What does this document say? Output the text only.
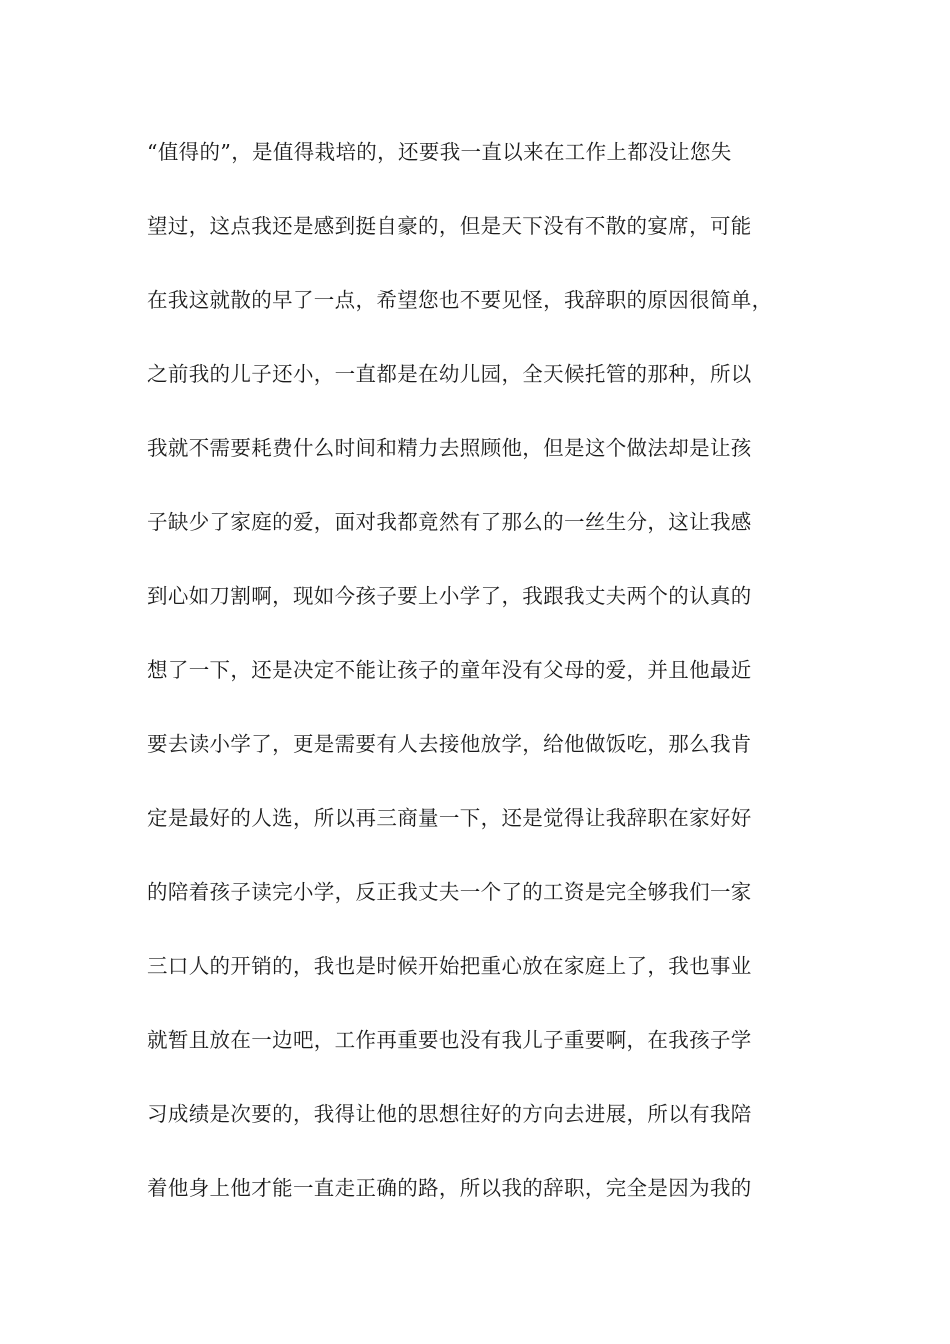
“值得的”，是值得栽培的，还要我一直以来在工作上都没让您失
望过，这点我还是感到挺自豪的，但是天下没有不散的宴席，可能
在我这就散的早了一点，希望您也不要见怪，我辞职的原因很简单，
之前我的儿子还小，一直都是在幼儿园，全天候托管的那种，所以
我就不需要耗费什么时间和精力去照顾他，但是这个做法却是让孩
子缺少了家庭的爱，面对我都竟然有了那么的一丝生分，这让我感
到心如刀割啊，现如今孩子要上小学了，我跟我丈夫两个的认真的
想了一下，还是决定不能让孩子的童年没有父母的爱，并且他最近
要去读小学了，更是需要有人去接他放学，给他做饭吃，那么我肯
定是最好的人选，所以再三商量一下，还是觉得让我辞职在家好好
的陪着孩子读完小学，反正我丈夫一个了的工资是完全够我们一家
三口人的开销的，我也是时候开始把重心放在家庭上了，我也事业
就暂且放在一边吧，工作再重要也没有我儿子重要啊，在我孩子学
习成绩是次要的，我得让他的思想往好的方向去进展，所以有我陪
着他身上他才能一直走正确的路，所以我的辞职，完全是因为我的
